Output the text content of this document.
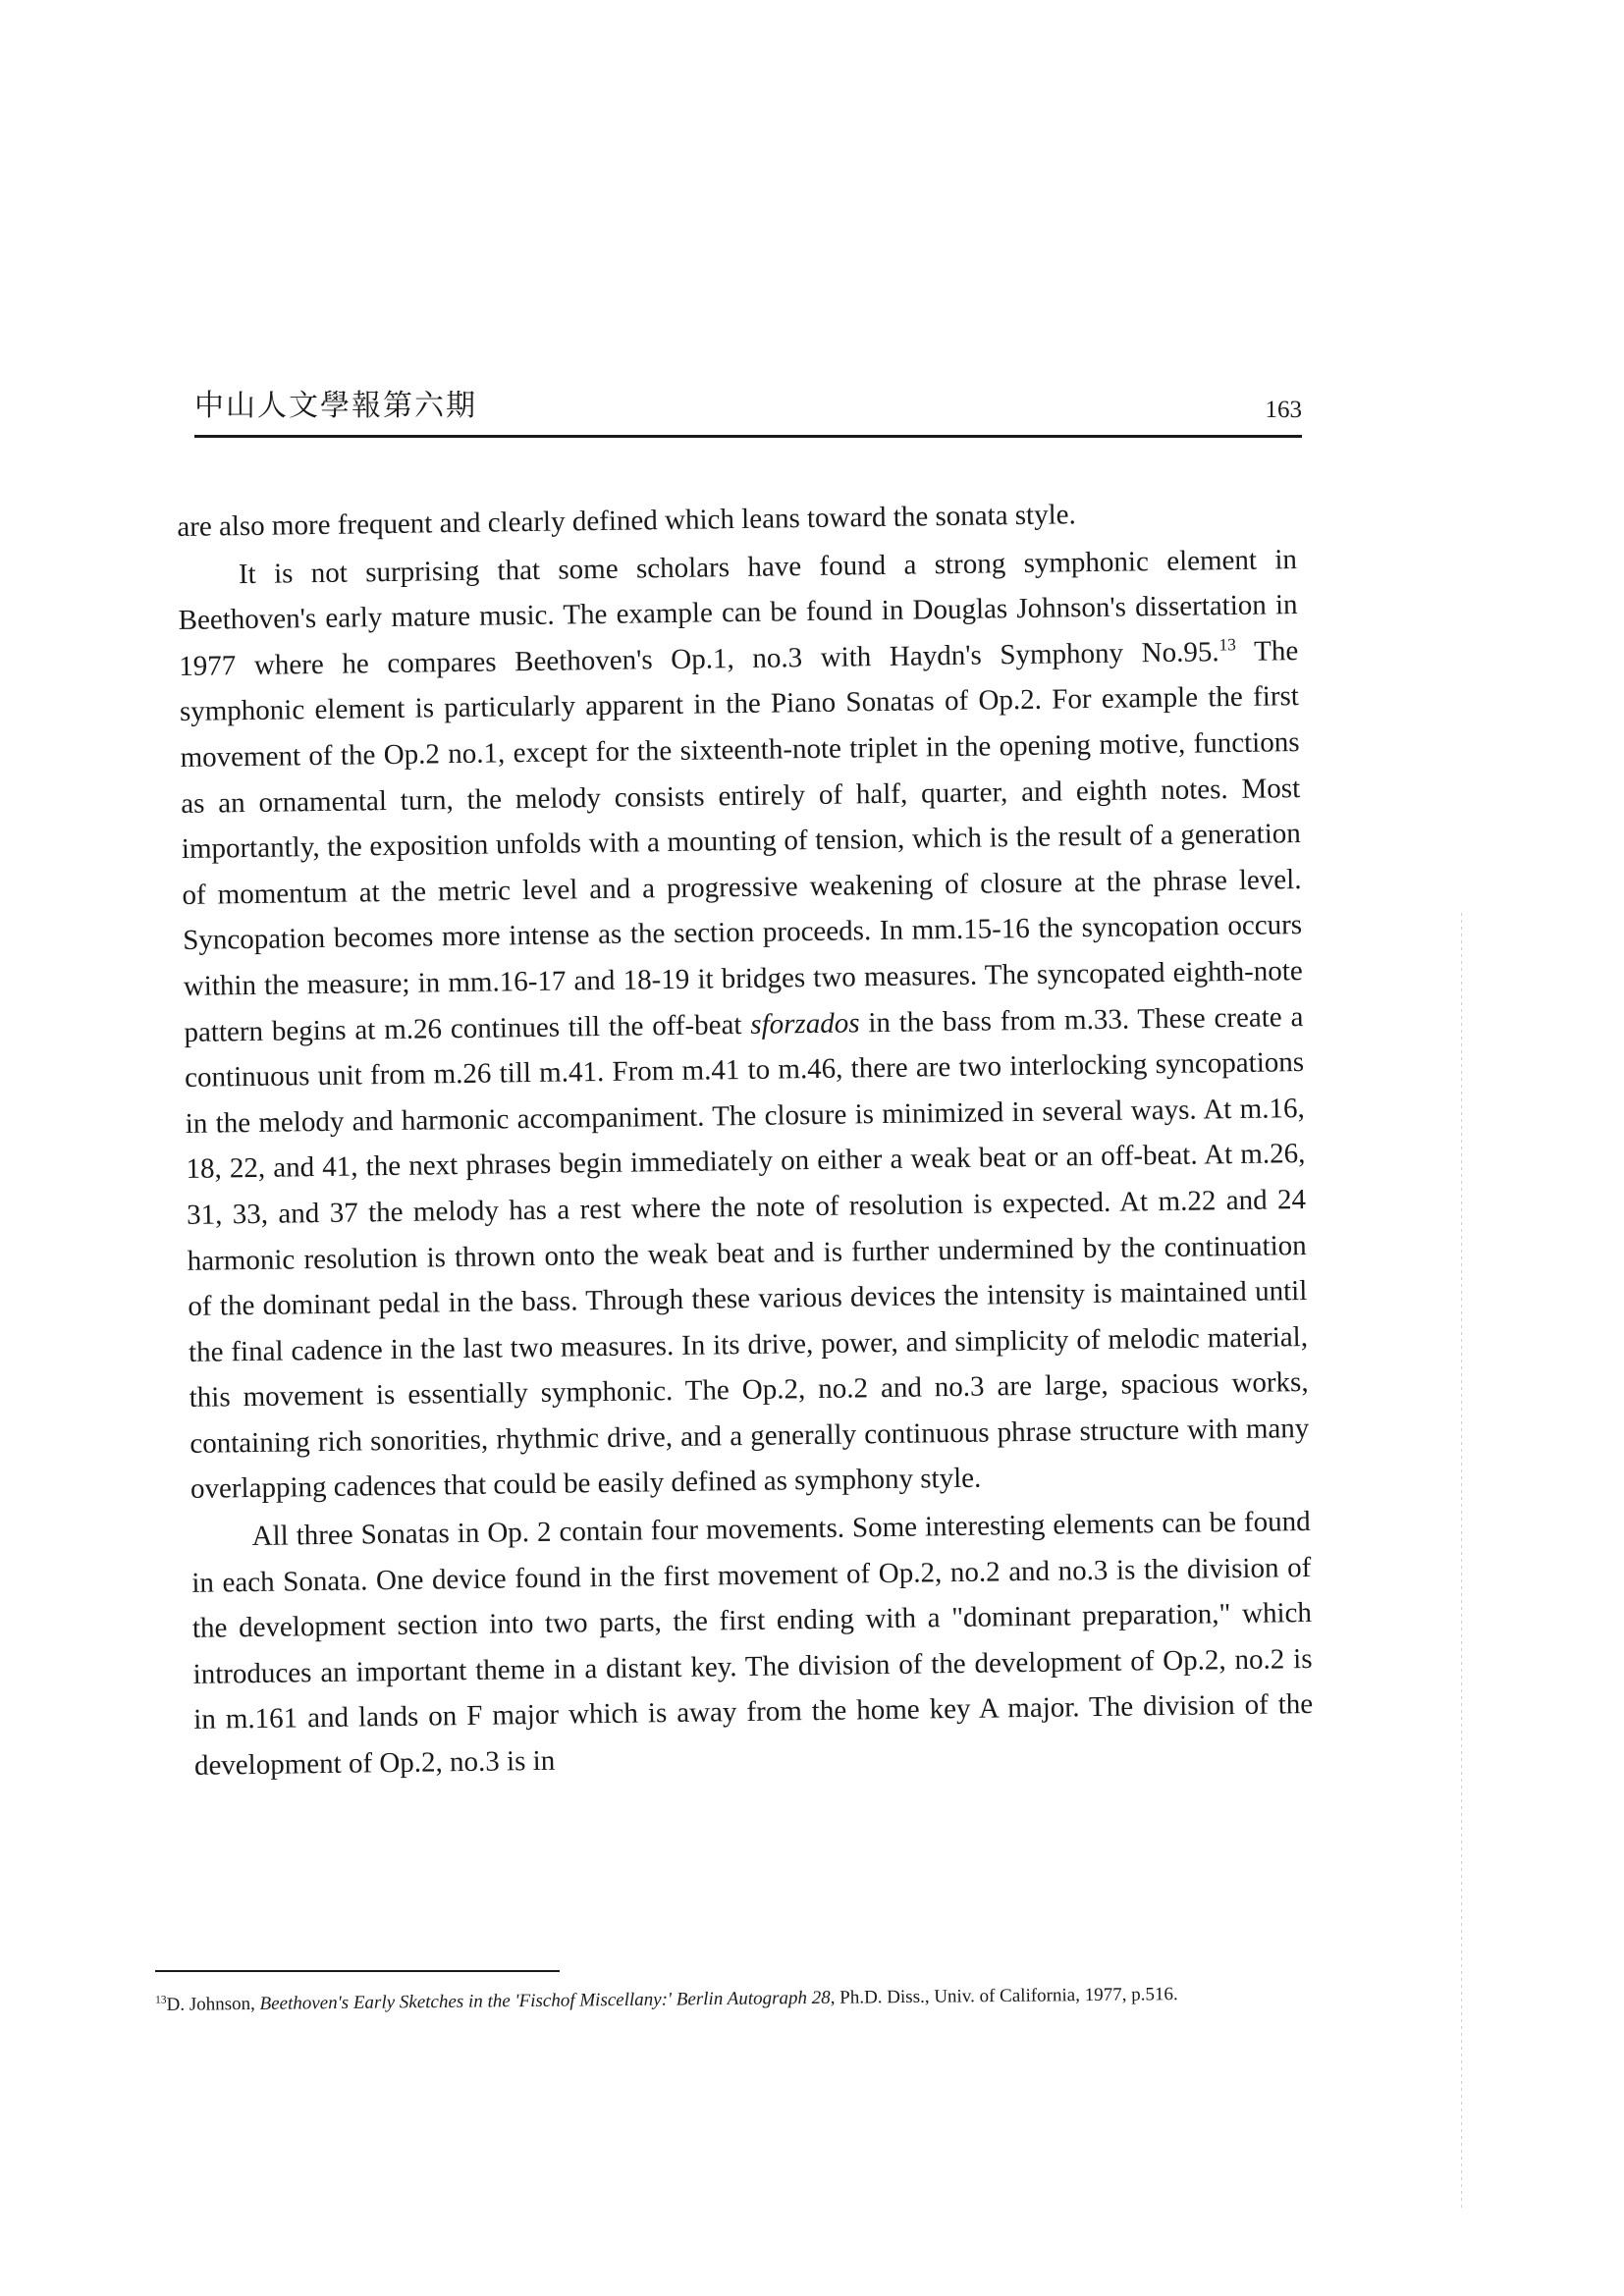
中山人文學報第六期	163

are also more frequent and clearly defined which leans toward the sonata style.

It is not surprising that some scholars have found a strong symphonic element in Beethoven's early mature music. The example can be found in Douglas Johnson's dissertation in 1977 where he compares Beethoven's Op.1, no.3 with Haydn's Symphony No.95.13 The symphonic element is particularly apparent in the Piano Sonatas of Op.2. For example the first movement of the Op.2 no.1, except for the sixteenth-note triplet in the opening motive, functions as an ornamental turn, the melody consists entirely of half, quarter, and eighth notes. Most importantly, the exposition unfolds with a mounting of tension, which is the result of a generation of momentum at the metric level and a progressive weakening of closure at the phrase level. Syncopation becomes more intense as the section proceeds. In mm.15-16 the syncopation occurs within the measure; in mm.16-17 and 18-19 it bridges two measures. The syncopated eighth-note pattern begins at m.26 continues till the off-beat sforzados in the bass from m.33. These create a continuous unit from m.26 till m.41. From m.41 to m.46, there are two interlocking syncopations in the melody and harmonic accompaniment. The closure is minimized in several ways. At m.16, 18, 22, and 41, the next phrases begin immediately on either a weak beat or an off-beat. At m.26, 31, 33, and 37 the melody has a rest where the note of resolution is expected. At m.22 and 24 harmonic resolution is thrown onto the weak beat and is further undermined by the continuation of the dominant pedal in the bass. Through these various devices the intensity is maintained until the final cadence in the last two measures. In its drive, power, and simplicity of melodic material, this movement is essentially symphonic. The Op.2, no.2 and no.3 are large, spacious works, containing rich sonorities, rhythmic drive, and a generally continuous phrase structure with many overlapping cadences that could be easily defined as symphony style.

All three Sonatas in Op. 2 contain four movements. Some interesting elements can be found in each Sonata. One device found in the first movement of Op.2, no.2 and no.3 is the division of the development section into two parts, the first ending with a "dominant preparation," which introduces an important theme in a distant key. The division of the development of Op.2, no.2 is in m.161 and lands on F major which is away from the home key A major. The division of the development of Op.2, no.3 is in

$^{13}$D. Johnson, Beethoven's Early Sketches in the 'Fischof Miscellany:' Berlin Autograph 28, Ph.D. Diss., Univ. of California, 1977, p.516.
